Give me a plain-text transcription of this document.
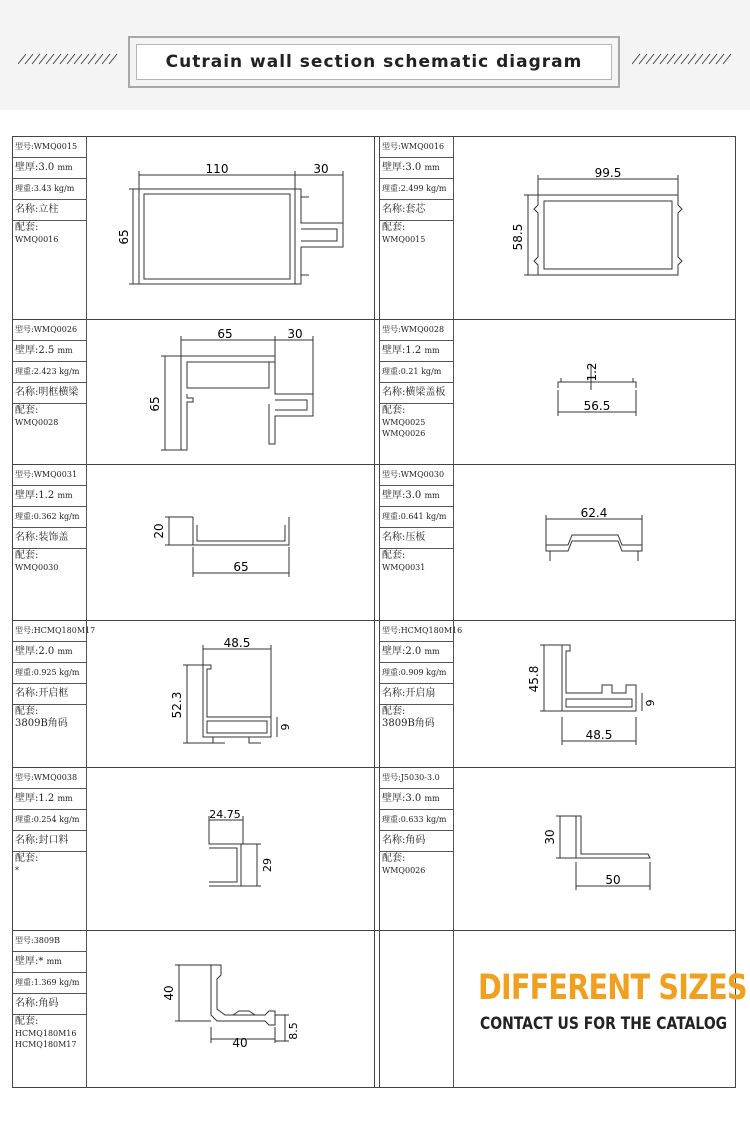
Cutrain wall section schematic diagram
型号:WMQ0015
壁厚:3.0 mm
理重:3.43 kg/m
名称:立柱
配套:
WMQ0016
110	30
65
型号:WMQ0016
壁厚:3.0 mm
理重:2.499 kg/m
名称:套芯
配套:
WMQ0015
99.5
58.5
型号:WMQ0026
壁厚:2.5 mm
理重:2.423 kg/m
名称:明框横梁
配套:
WMQ0028
65	30
65
型号:WMQ0028
壁厚:1.2 mm
理重:0.21 kg/m
名称:横梁盖板
配套:
WMQ0025
WMQ0026
1.2
56.5
型号:WMQ0031
壁厚:1.2 mm
理重:0.362 kg/m
名称:装饰盖
配套:
WMQ0030
20
65
型号:WMQ0030
壁厚:3.0 mm
理重:0.641 kg/m
名称:压板
配套:
WMQ0031
62.4
型号:HCMQ180M17
壁厚:2.0 mm
理重:0.925 kg/m
名称:开启框
配套:
3809B角码
48.5
52.3
9
型号:HCMQ180M16
壁厚:2.0 mm
理重:0.909 kg/m
名称:开启扇
配套:
3809B角码
45.8
9
48.5
型号:WMQ0038
壁厚:1.2 mm
理重:0.254 kg/m
名称:封口料
配套:
*
24.75
29
型号:J5030-3.0
壁厚:3.0 mm
理重:0.633 kg/m
名称:角码
配套:
WMQ0026
30
50
型号:3809B
壁厚:* mm
理重:1.369 kg/m
名称:角码
配套:
HCMQ180M16
HCMQ180M17
40
40
8.5
DIFFERENT SIZES
CONTACT US FOR THE CATALOG
